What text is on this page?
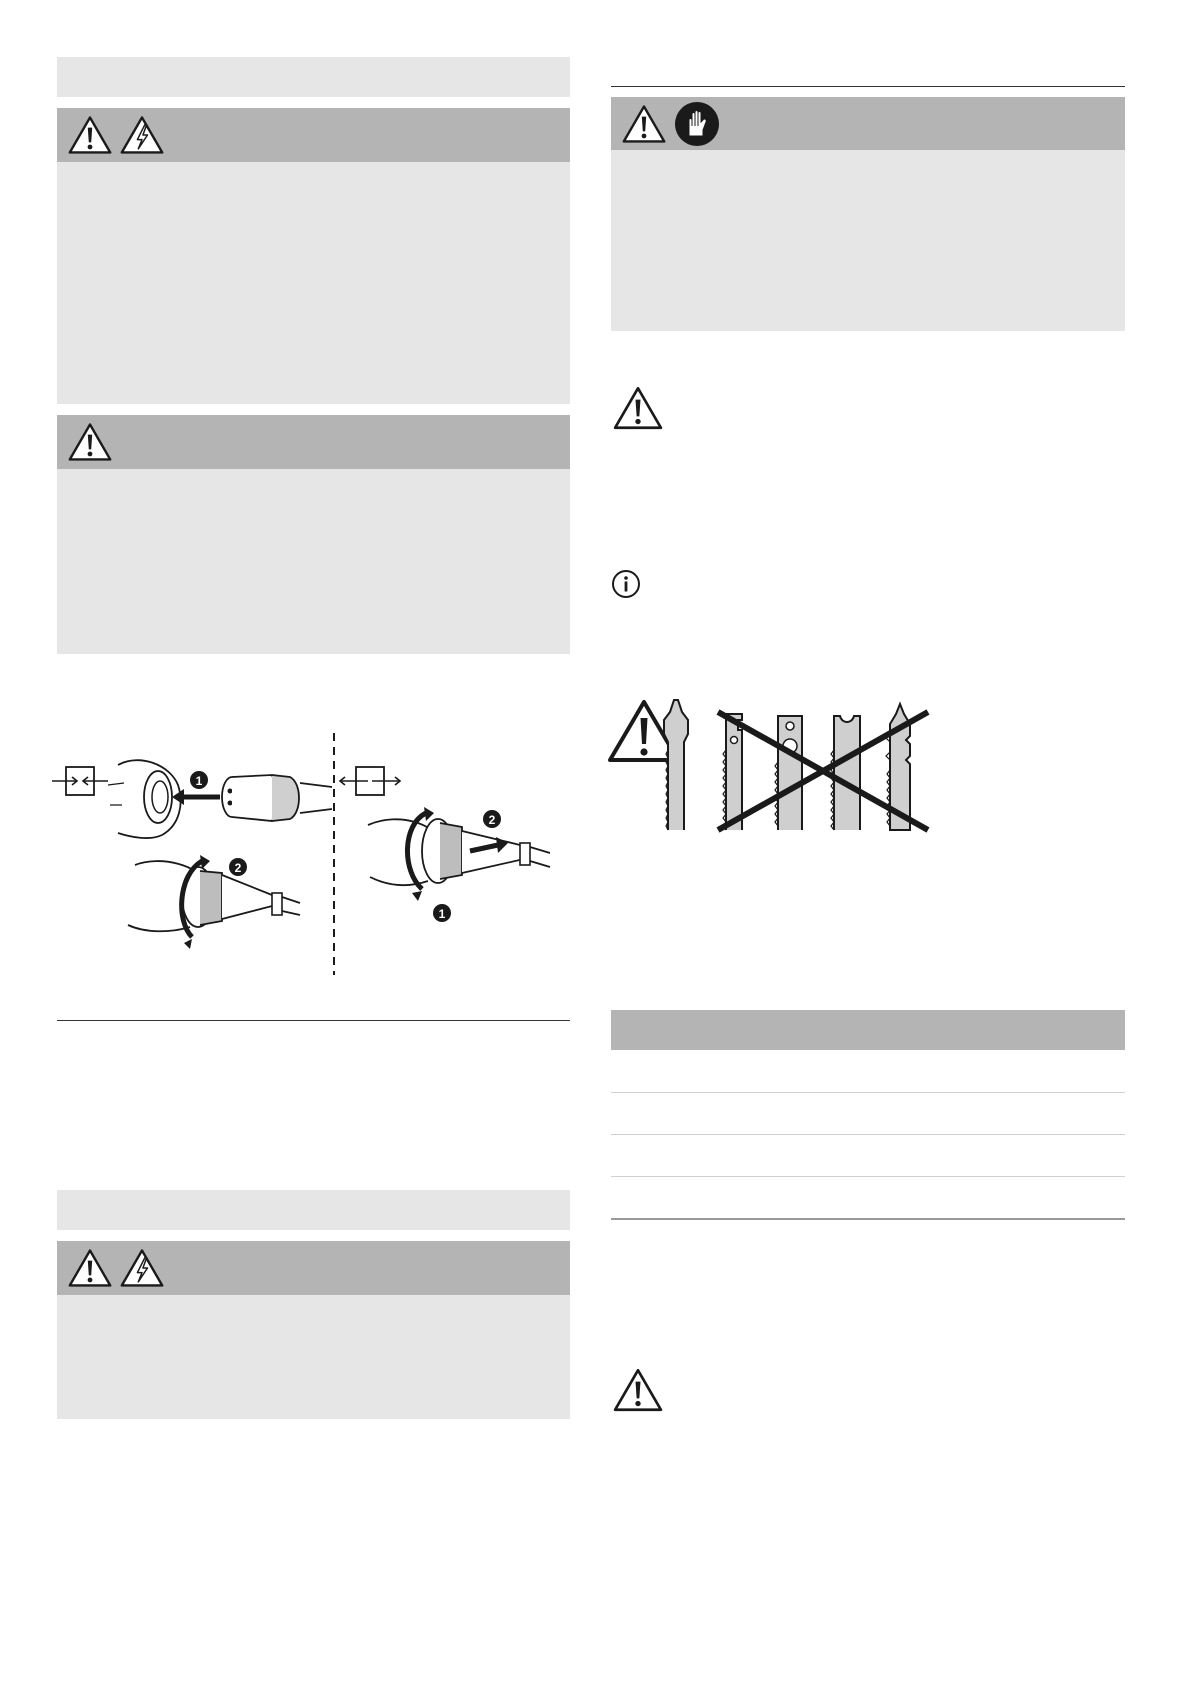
1
2
2
1
